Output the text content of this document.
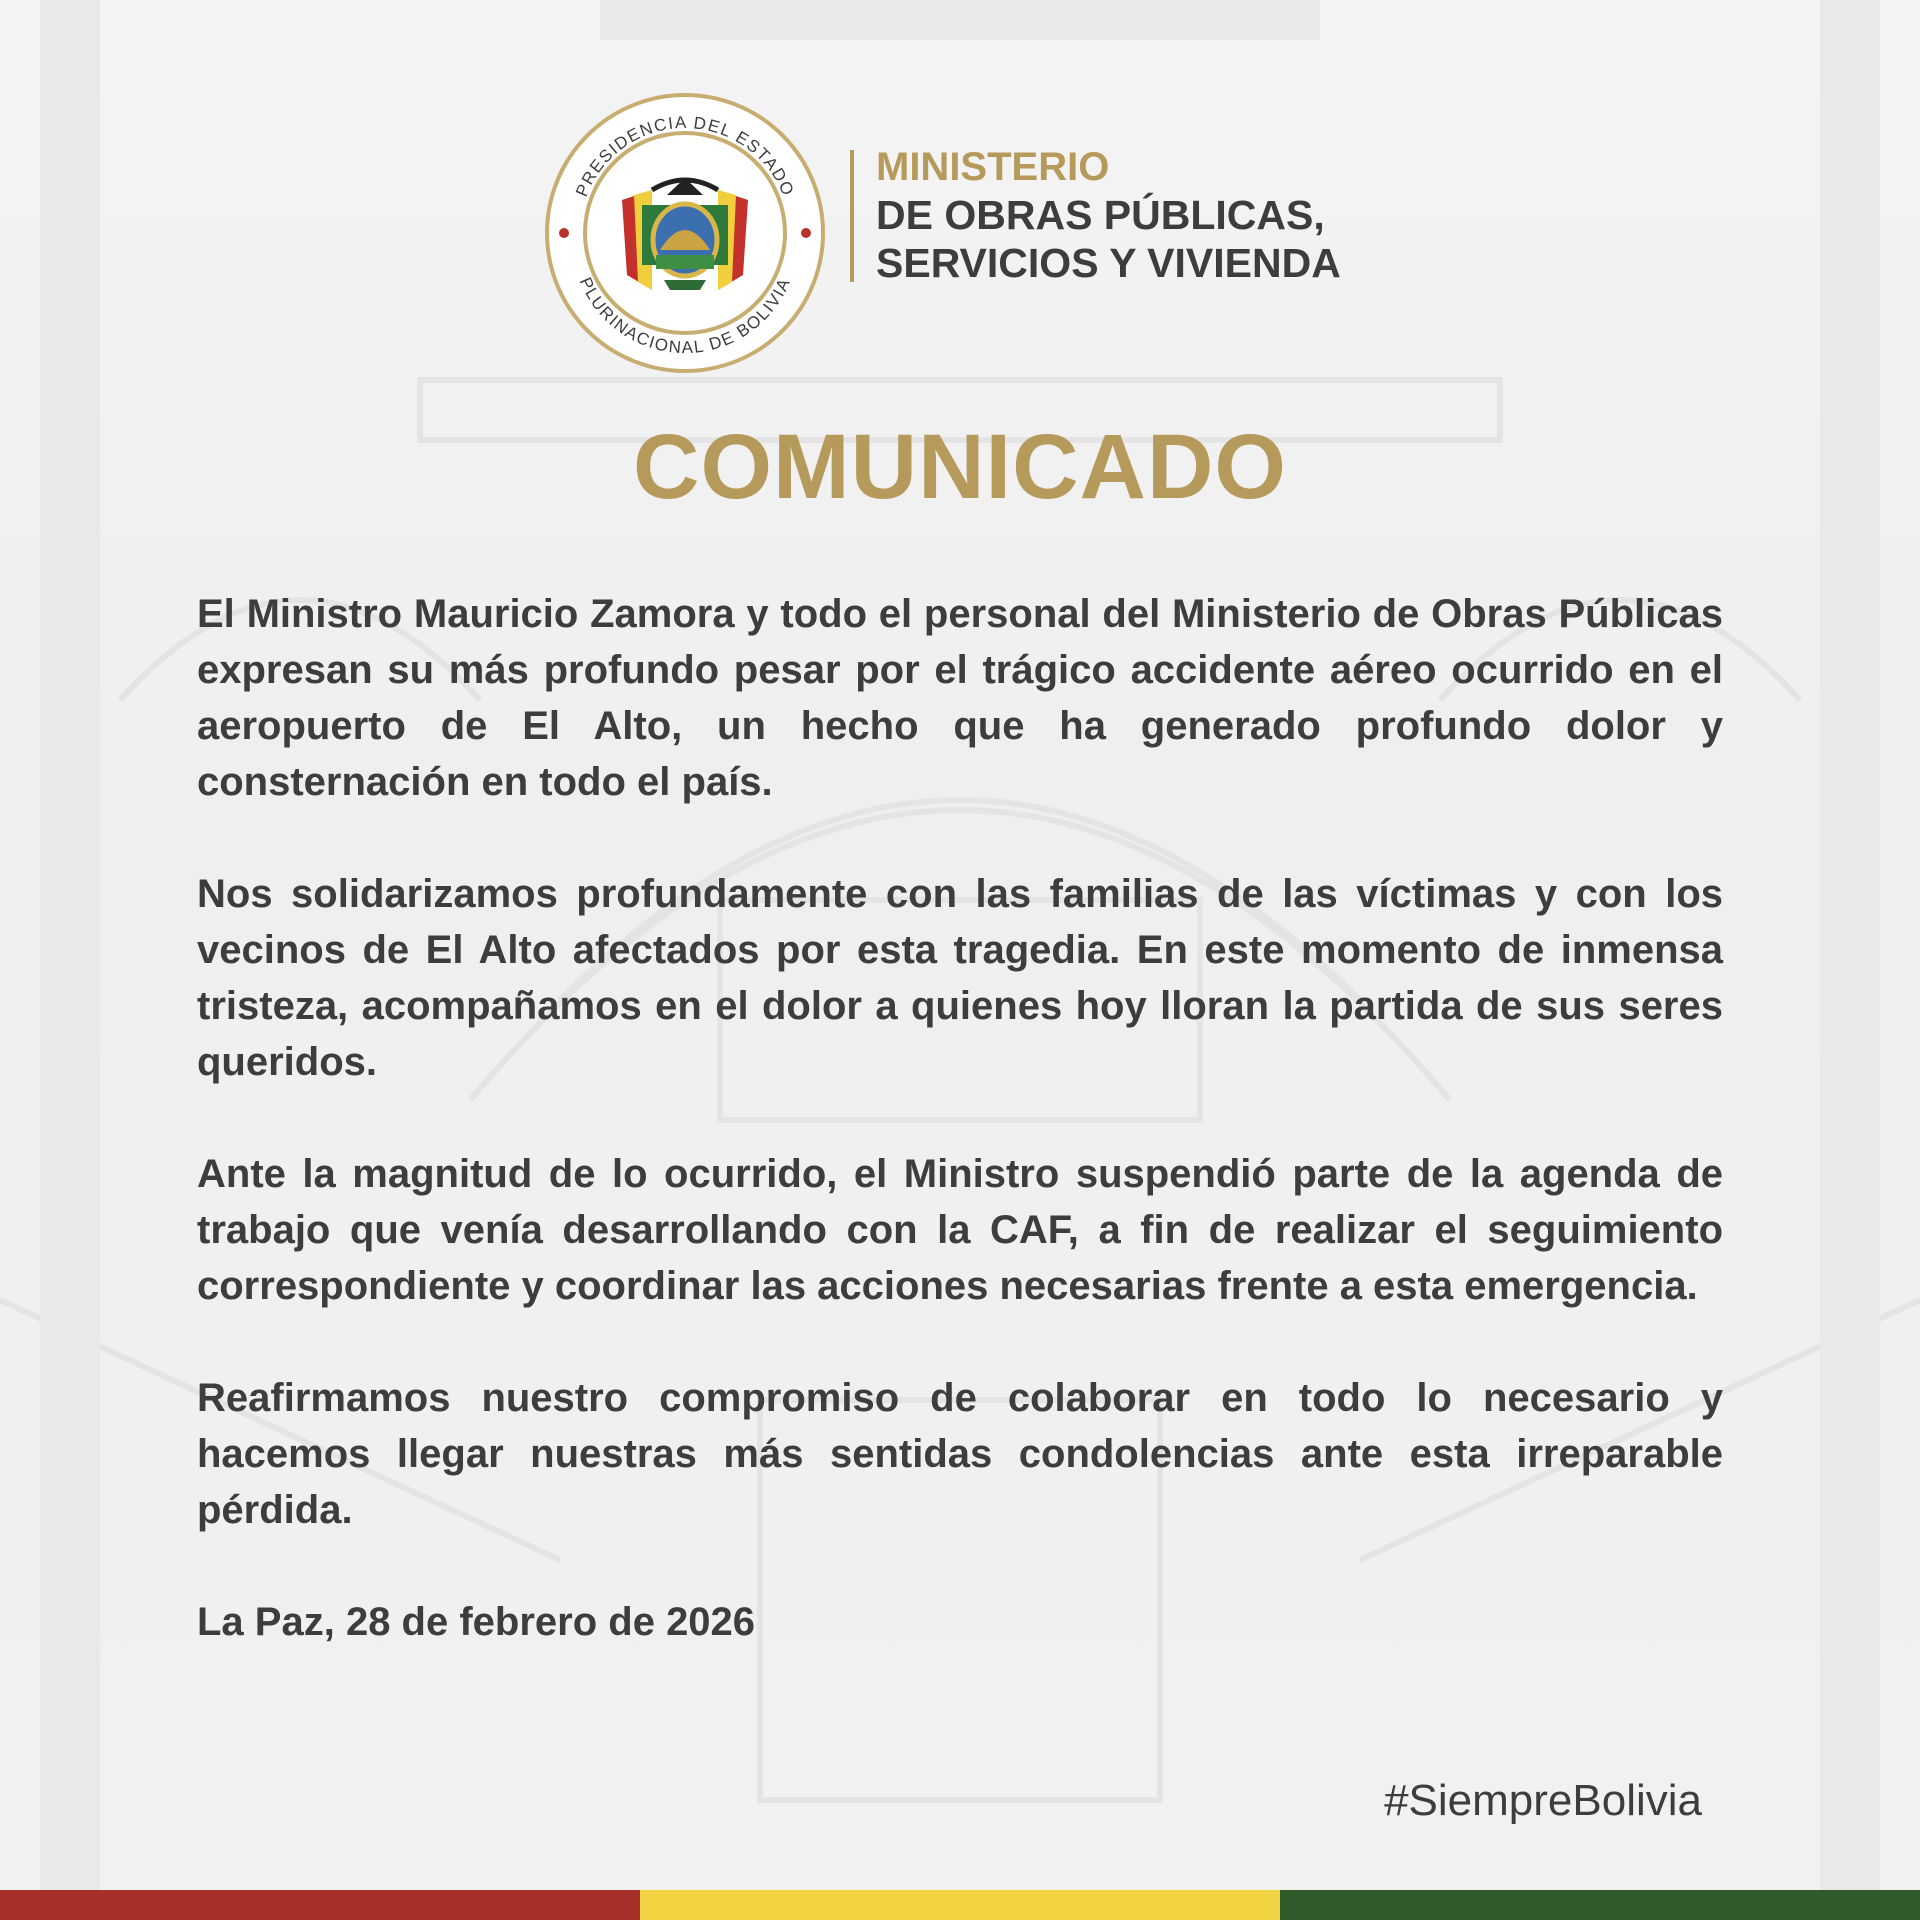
PRESIDENCIA DEL ESTADO
PLURINACIONAL DE BOLIVIA
MINISTERIO
DE OBRAS PÚBLICAS,
SERVICIOS Y VIVIENDA
COMUNICADO

El Ministro Mauricio Zamora y todo el personal del Ministerio de Obras Públicas expresan su más profundo pesar por el trágico accidente aéreo ocurrido en el aeropuerto de El Alto, un hecho que ha generado profundo dolor y consternación en todo el país.

Nos solidarizamos profundamente con las familias de las víctimas y con los vecinos de El Alto afectados por esta tragedia. En este momento de inmensa tristeza, acompañamos en el dolor a quienes hoy lloran la partida de sus seres queridos.

Ante la magnitud de lo ocurrido, el Ministro suspendió parte de la agenda de trabajo que venía desarrollando con la CAF, a fin de realizar el seguimiento correspondiente y coordinar las acciones necesarias frente a esta emergencia.

Reafirmamos nuestro compromiso de colaborar en todo lo necesario y hacemos llegar nuestras más sentidas condolencias ante esta irreparable pérdida.

La Paz, 28 de febrero de 2026

#SiempreBolivia
